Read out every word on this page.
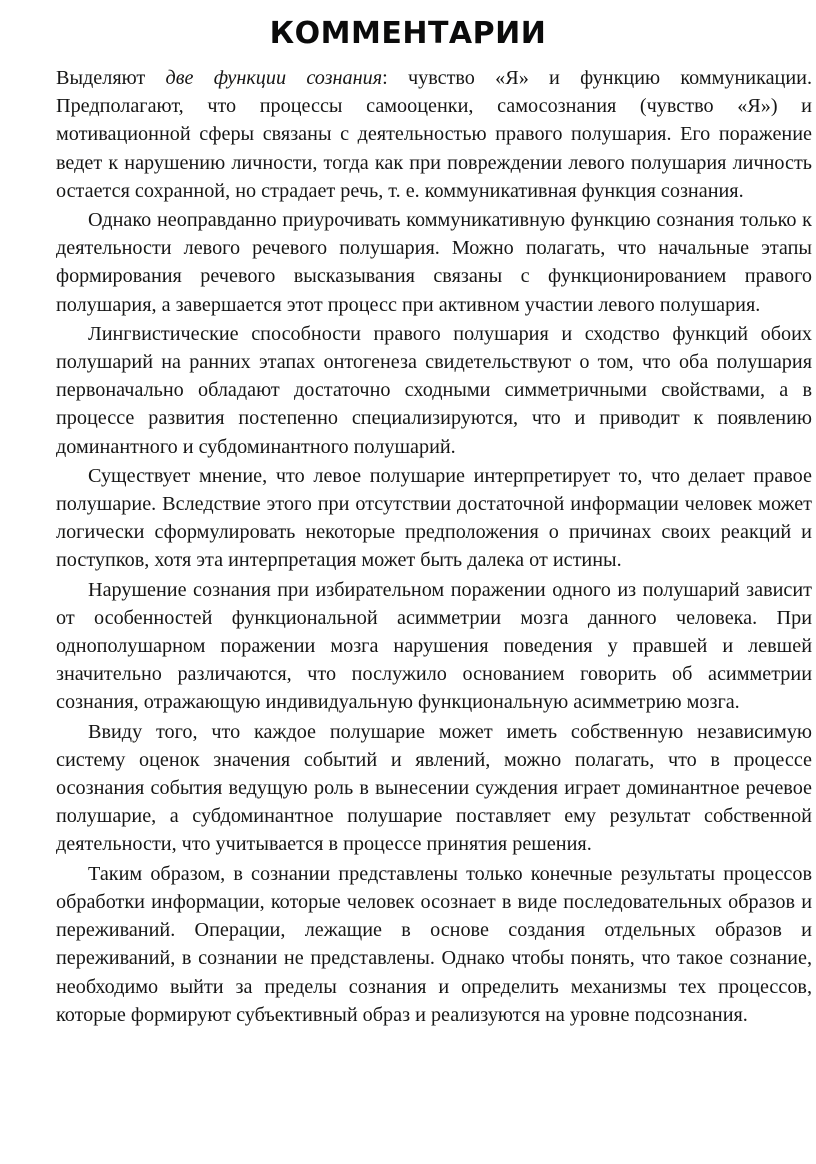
КОММЕНТАРИИ

Выделяют две функции сознания: чувство «Я» и функцию коммуникации. Предполагают, что процессы самооценки, самосознания (чувство «Я») и мотивационной сферы связаны с деятельностью правого полушария. Его поражение ведет к нарушению личности, тогда как при повреждении левого полушария личность остается сохранной, но страдает речь, т. е. коммуникативная функция сознания.

Однако неоправданно приурочивать коммуникативную функцию сознания только к деятельности левого речевого полушария. Можно полагать, что начальные этапы формирования речевого высказывания связаны с функционированием правого полушария, а завершается этот процесс при активном участии левого полушария.

Лингвистические способности правого полушария и сходство функций обоих полушарий на ранних этапах онтогенеза свидетельствуют о том, что оба полушария первоначально обладают достаточно сходными симметричными свойствами, а в процессе развития постепенно специализируются, что и приводит к появлению доминантного и субдоминантного полушарий.

Существует мнение, что левое полушарие интерпретирует то, что делает правое полушарие. Вследствие этого при отсутствии достаточной информации человек может логически сформулировать некоторые предположения о причинах своих реакций и поступков, хотя эта интерпретация может быть далека от истины.

Нарушение сознания при избирательном поражении одного из полушарий зависит от особенностей функциональной асимметрии мозга данного человека. При однополушарном поражении мозга нарушения поведения у правшей и левшей значительно различаются, что послужило основанием говорить об асимметрии сознания, отражающую индивидуальную функциональную асимметрию мозга.

Ввиду того, что каждое полушарие может иметь собственную независимую систему оценок значения событий и явлений, можно полагать, что в процессе осознания события ведущую роль в вынесении суждения играет доминантное речевое полушарие, а субдоминантное полушарие поставляет ему результат собственной деятельности, что учитывается в процессе принятия решения.

Таким образом, в сознании представлены только конечные результаты процессов обработки информации, которые человек осознает в виде последовательных образов и переживаний. Операции, лежащие в основе создания отдельных образов и переживаний, в сознании не представлены. Однако чтобы понять, что такое сознание, необходимо выйти за пределы сознания и определить механизмы тех процессов, которые формируют субъективный образ и реализуются на уровне подсознания.
